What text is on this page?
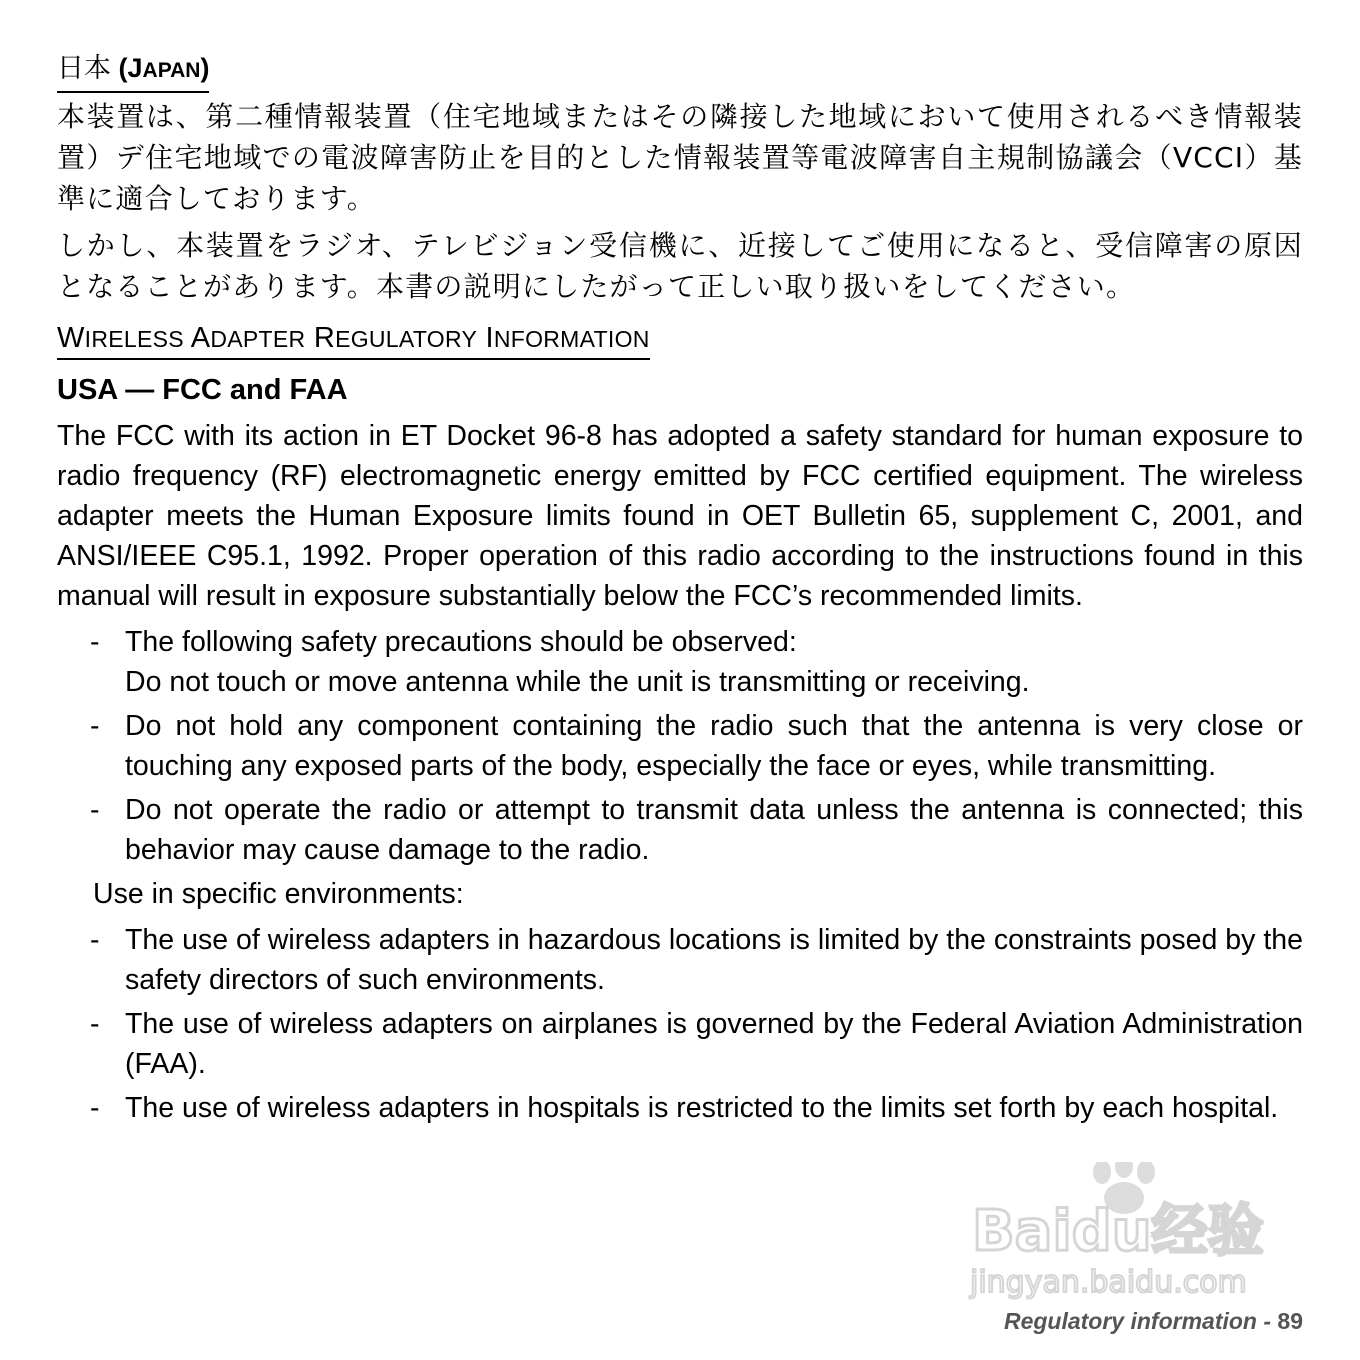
日本 (JAPAN)

本装置は、第二種情報装置（住宅地域またはその隣接した地域において使用されるべき情報装置）デ住宅地域での電波障害防止を目的とした情報装置等電波障害自主規制協議会（VCCI）基準に適合しております。

しかし、本装置をラジオ、テレビジョン受信機に、近接してご使用になると、受信障害の原因となることがあります。本書の説明にしたがって正しい取り扱いをしてください。

WIRELESS ADAPTER REGULATORY INFORMATION
USA — FCC and FAA
The FCC with its action in ET Docket 96-8 has adopted a safety standard for human exposure to radio frequency (RF) electromagnetic energy emitted by FCC certified equipment. The wireless adapter meets the Human Exposure limits found in OET Bulletin 65, supplement C, 2001, and ANSI/IEEE C95.1, 1992. Proper operation of this radio according to the instructions found in this manual will result in exposure substantially below the FCC’s recommended limits.
- The following safety precautions should be observed:
Do not touch or move antenna while the unit is transmitting or receiving.
- Do not hold any component containing the radio such that the antenna is very close or touching any exposed parts of the body, especially the face or eyes, while transmitting.
- Do not operate the radio or attempt to transmit data unless the antenna is connected; this behavior may cause damage to the radio.
Use in specific environments:
- The use of wireless adapters in hazardous locations is limited by the constraints posed by the safety directors of such environments.
- The use of wireless adapters on airplanes is governed by the Federal Aviation Administration (FAA).
- The use of wireless adapters in hospitals is restricted to the limits set forth by each hospital.
Baidu经验
jingyan.baidu.com
Regulatory information - 89
